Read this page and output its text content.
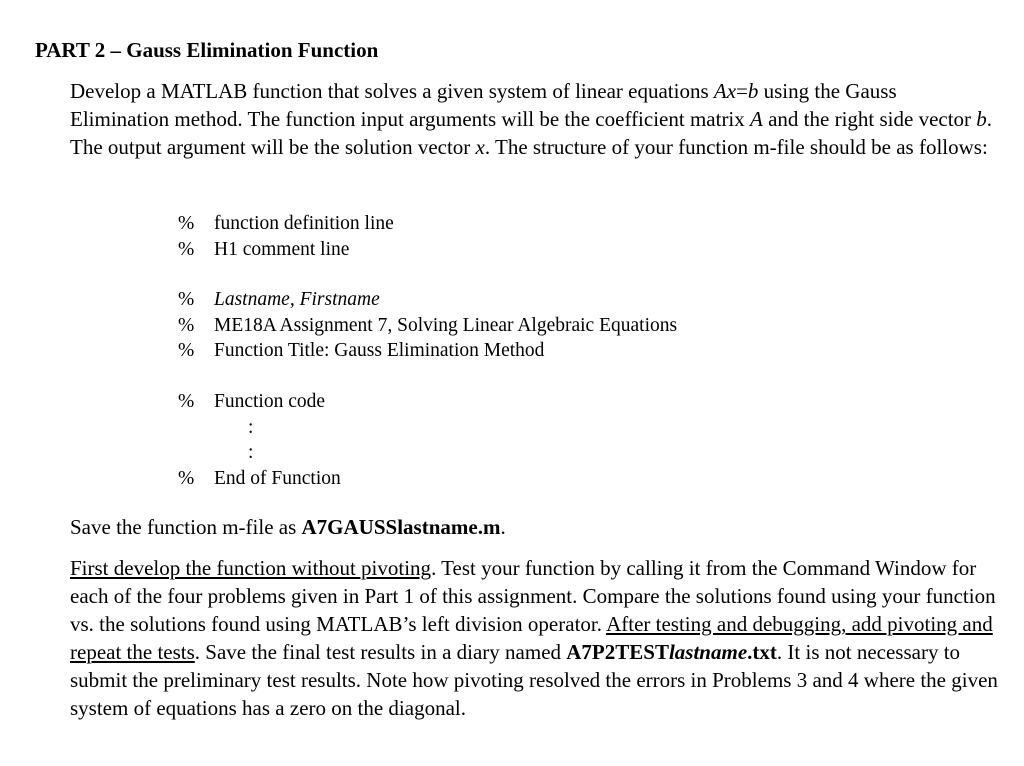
PART 2 – Gauss Elimination Function

Develop a MATLAB function that solves a given system of linear equations Ax=b using the Gauss Elimination method. The function input arguments will be the coefficient matrix A and the right side vector b. The output argument will be the solution vector x. The structure of your function m-file should be as follows:

% function definition line
% H1 comment line
% Lastname, Firstname
% ME18A Assignment 7, Solving Linear Algebraic Equations
% Function Title: Gauss Elimination Method
% Function code
:
:
% End of Function

Save the function m-file as A7GAUSSlastname.m.

First develop the function without pivoting. Test your function by calling it from the Command Window for each of the four problems given in Part 1 of this assignment. Compare the solutions found using your function vs. the solutions found using MATLAB’s left division operator. After testing and debugging, add pivoting and repeat the tests. Save the final test results in a diary named A7P2TESTlastname.txt. It is not necessary to submit the preliminary test results. Note how pivoting resolved the errors in Problems 3 and 4 where the given system of equations has a zero on the diagonal.
